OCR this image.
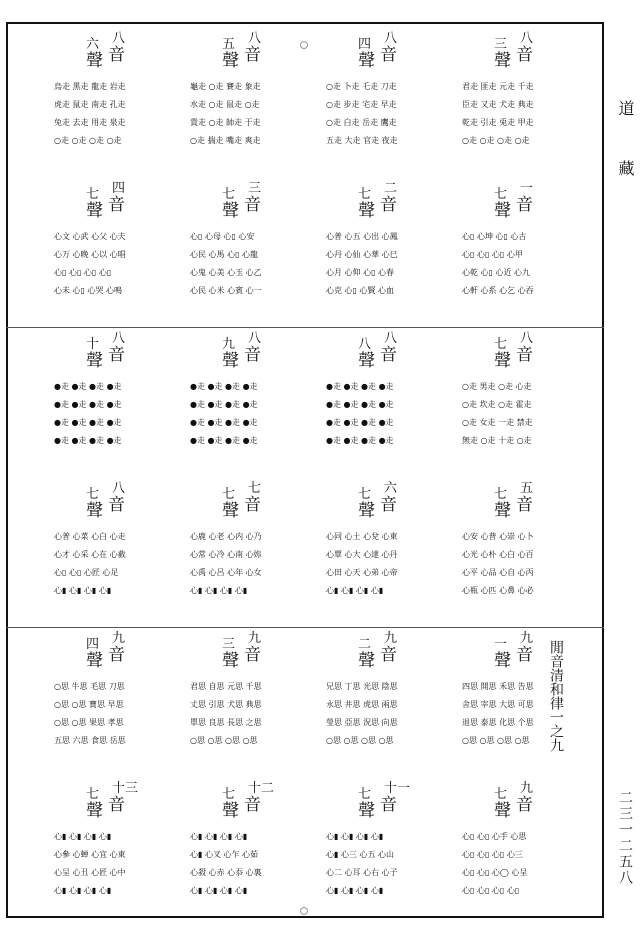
道
藏
二三一二五八
閒音清和律一之九
八
六
音
聲
烏走 黑走 龍走 岩走
虎走 鼠走 南走 孔走
兔走 去走 用走 泉走
○走 ○走 ○走 ○走
八
五
音
聲
龜走 ○走 賽走 象走
水走 ○走 鼠走 ○走
貴走 ○走 帥走 于走
○走 揣走 嘴走 爽走
八
四
音
聲
○走 卜走 乇走 刀走
○走 步走 宅走 早走
○走 白走 岳走 鷹走
五走 大走 官走 夜走
八
三
音
聲
君走 匪走 元走 千走
臣走 又走 犬走 典走
乾走 引走 兎走 甲走
○走 ○走 ○走 ○走
四
七
音
聲
心文 心武 心父 心夫
心万 心晚 心以 心唱
心▯ 心▯ 心▯ 心▯
心未 心▯ 心哭 心鳴
三
七
音
聲
心▯ 心母 心▯ 心安
心民 心馬 心▯ 心龍
心鬼 心美 心玉 心乙
心民 心米 心賓 心一
二
七
音
聲
心普 心五 心出 心鳳
心丹 心仙 心華 心巳
心月 心仰 心▯ 心春
心克 心▯ 心賢 心血
一
七
音
聲
心▯ 心坤 心▯ 心古
心▯ 心▯ 心▯ 心甲
心乾 心▯ 心近 心九
心軒 心系 心乞 心吞
八
十
音
聲
●走 ●走 ●走 ●走
●走 ●走 ●走 ●走
●走 ●走 ●走 ●走
●走 ●走 ●走 ●走
八
九
音
聲
●走 ●走 ●走 ●走
●走 ●走 ●走 ●走
●走 ●走 ●走 ●走
●走 ●走 ●走 ●走
八
八
音
聲
●走 ●走 ●走 ●走
●走 ●走 ●走 ●走
●走 ●走 ●走 ●走
●走 ●走 ●走 ●走
八
七
音
聲
○走 男走 ○走 心走
○走 坎走 ○走 霍走
○走 女走 一走 禁走
無走 ○走 十走 ○走
八
七
音
聲
心普 心菜 心白 心走
心才 心采 心在 心截
心▯ 心▯ 心匠 心足
心▮ 心▮ 心▮ 心▮
七
七
音
聲
心鹿 心老 心内 心乃
心常 心冷 心南 心妳
心禹 心呂 心年 心女
心▮ 心▮ 心▮ 心▮
六
七
音
聲
心同 心土 心兌 心東
心覃 心大 心達 心丹
心田 心天 心弟 心帝
心▮ 心▮ 心▮ 心▮
五
七
音
聲
心安 心普 心崇 心卜
心光 心朴 心白 心百
心平 心品 心自 心丙
心瓶 心匹 心鼻 心必
九
四
音
聲
○思 牛思 毛思 刀思
○思 ○思 寶思 早思
○思 ○思 果思 孝思
五思 六思 食思 岳思
九
三
音
聲
君思 自思 元思 千思
丈思 引思 犬思 典思
單思 良思 長思 之思
○思 ○思 ○思 ○思
九
二
音
聲
兄思 丁思 光思 陰思
永思 井思 虎思 兩思
瑩思 亞思 況思 向思
○思 ○思 ○思 ○思
九
一
音
聲
四思 開思 禾思 告思
舍思 宰思 大思 可思
退思 泰思 化思 个思
○思 ○思 ○思 ○思
十三
七
音
聲
心▮ 心▮ 心▮ 心▮
心參 心蝉 心宜 心東
心呈 心丑 心匠 心中
心▮ 心▮ 心▮ 心▮
十二
七
音
聲
心▮ 心▮ 心▮ 心▮
心▮ 心叉 心乍 心茹
心殺 心赤 心忝 心裏
心▮ 心▮ 心▮ 心▮
十一
七
音
聲
心▮ 心▮ 心▮ 心▮
心▮ 心三 心五 心山
心二 心耳 心右 心子
心▮ 心▮ 心▮ 心▮
九
七
音
聲
心▯ 心▯ 心手 心思
心▯ 心▯ 心▯ 心三
心▯ 心▯ 心◯ 心呈
心▯ 心▯ 心▯ 心▯
